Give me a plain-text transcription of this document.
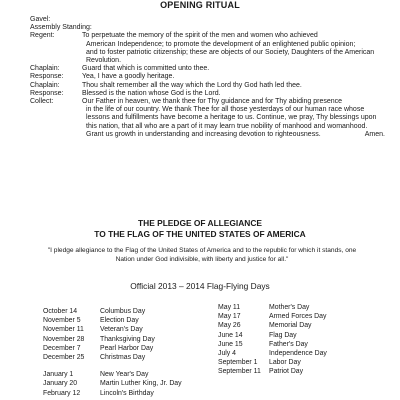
OPENING RITUAL
Gavel:
Assembly Standing:
Regent:	To perpetuate the memory of the spirit of the men and women who achieved
American Independence; to promote the development of an enlightened public opinion;
and to foster patriotic citizenship; these are objects of our Society, Daughters of the American
Revolution.
Chaplain:	Guard that which is committed unto thee.
Response:	Yea, I have a goodly heritage.
Chaplain:	Thou shalt remember all the way which the Lord thy God hath led thee.
Response:	Blessed is the nation whose God is the Lord.
Collect:	Our Father in heaven, we thank thee for Thy guidance and for Thy abiding presence
in the life of our country. We thank Thee for all those yesterdays of our human race whose
lessons and fulfillments have become a heritage to us. Continue, we pray, Thy blessings upon
this nation, that all who are a part of it may learn true nobility of manhood and womanhood.
Grant us growth in understanding and increasing devotion to righteousness.	Amen.
THE PLEDGE OF ALLEGIANCE
TO THE FLAG OF THE UNITED STATES OF AMERICA
"I pledge allegiance to the Flag of the United States of America and to the republic for which it stands, one Nation under God indivisible, with liberty and justice for all."
Official 2013 – 2014 Flag-Flying Days
October 14	Columbus Day
November 5	Election Day
November 11	Veteran's Day
November 28	Thanksgiving Day
December 7	Pearl Harbor Day
December 25	Christmas Day
January 1	New Year's Day
January 20	Martin Luther King, Jr. Day
February 12	Lincoln's Birthday
May 11	Mother's Day
May 17	Armed Forces Day
May 26	Memorial Day
June 14	Flag Day
June 15	Father's Day
July 4	Independence Day
September 1	Labor Day
September 11	Patriot Day
